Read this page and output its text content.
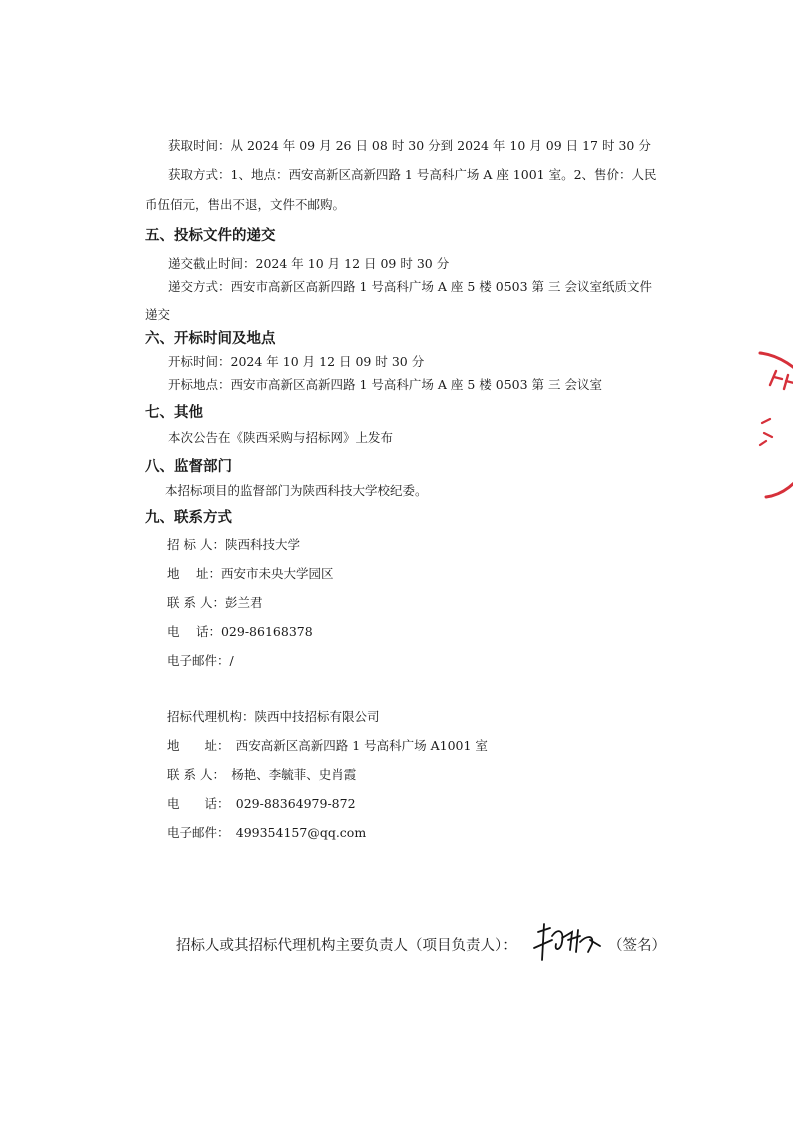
获取时间：从 2024 年 09 月 26 日 08 时 30 分到 2024 年 10 月 09 日 17 时 30 分
获取方式：1、地点：西安高新区高新四路 1 号高科广场 A 座 1001 室。2、售价：人民
币伍佰元，售出不退，文件不邮购。
五、投标文件的递交
递交截止时间：2024 年 10 月 12 日 09 时 30 分
递交方式：西安市高新区高新四路 1 号高科广场 A 座 5 楼 0503 第 三 会议室纸质文件
递交
六、开标时间及地点
开标时间：2024 年 10 月 12 日 09 时 30 分
开标地点：西安市高新区高新四路 1 号高科广场 A 座 5 楼 0503 第 三 会议室
七、其他
本次公告在《陕西采购与招标网》上发布
八、监督部门
本招标项目的监督部门为陕西科技大学校纪委。
九、联系方式
招 标 人：陕西科技大学
地　 址：西安市未央大学园区
联 系 人：彭兰君
电　 话：029-86168378
电子邮件：/
招标代理机构：陕西中技招标有限公司
地　　址：　西安高新区高新四路 1 号高科广场 A1001 室
联 系 人：　杨艳、李毓菲、史肖霞
电　　话：　029-88364979-872
电子邮件：　499354157@qq.com
招标人或其招标代理机构主要负责人（项目负责人）：	（签名）
